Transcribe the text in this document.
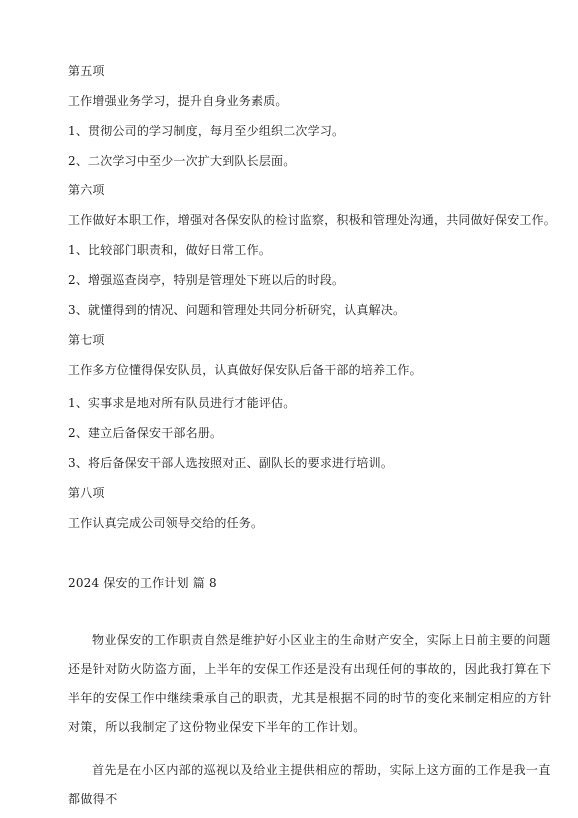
第五项
工作增强业务学习，提升自身业务素质。
1、贯彻公司的学习制度，每月至少组织二次学习。
2、二次学习中至少一次扩大到队长层面。
第六项
工作做好本职工作，增强对各保安队的检讨监察，积极和管理处沟通，共同做好保安工作。
1、比较部门职责和，做好日常工作。
2、增强巡查岗亭，特别是管理处下班以后的时段。
3、就懂得到的情况、问题和管理处共同分析研究，认真解决。
第七项
工作多方位懂得保安队员，认真做好保安队后备干部的培养工作。
1、实事求是地对所有队员进行才能评估。
2、建立后备保安干部名册。
3、将后备保安干部人选按照对正、副队长的要求进行培训。
第八项
工作认真完成公司领导交给的任务。
2024 保安的工作计划 篇 8
物业保安的工作职责自然是维护好小区业主的生命财产安全，实际上日前主要的问题还是针对防火防盗方面，上半年的安保工作还是没有出现任何的事故的，因此我打算在下半年的安保工作中继续秉承自己的职责，尤其是根据不同的时节的变化来制定相应的方针对策，所以我制定了这份物业保安下半年的工作计划。
首先是在小区内部的巡视以及给业主提供相应的帮助，实际上这方面的工作是我一直都做得不
